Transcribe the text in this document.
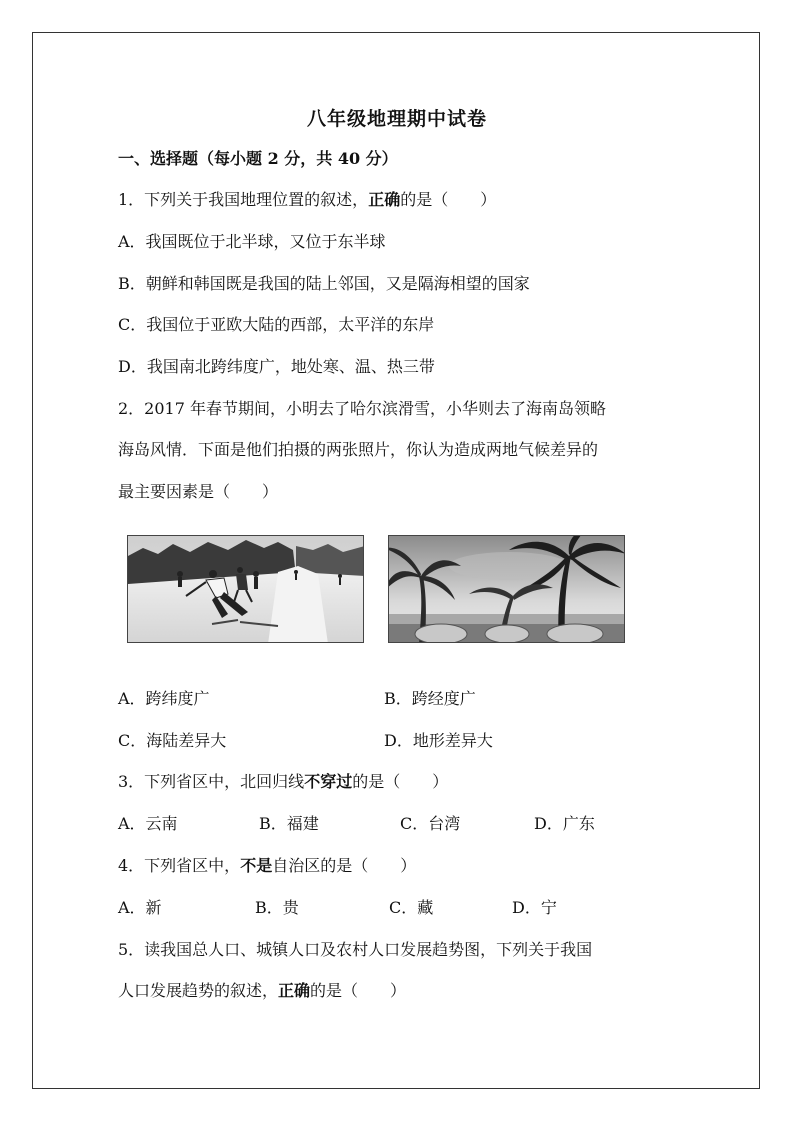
八年级地理期中试卷
一、选择题（每小题 2 分，共 40 分）
1．下列关于我国地理位置的叙述，正确的是（　　）
A．我国既位于北半球，又位于东半球
B．朝鲜和韩国既是我国的陆上邻国，又是隔海相望的国家
C．我国位于亚欧大陆的西部，太平洋的东岸
D．我国南北跨纬度广，地处寒、温、热三带
2．2017 年春节期间，小明去了哈尔滨滑雪，小华则去了海南岛领略
海岛风情．下面是他们拍摄的两张照片，你认为造成两地气候差异的
最主要因素是（　　）
A．跨纬度广	B．跨经度广
C．海陆差异大	D．地形差异大
3．下列省区中，北回归线不穿过的是（　　）
A．云南	B．福建	C．台湾	D．广东
4．下列省区中，不是自治区的是（　　）
A．新	B．贵	C．藏	D．宁
5．读我国总人口、城镇人口及农村人口发展趋势图，下列关于我国
人口发展趋势的叙述，正确的是（　　）
